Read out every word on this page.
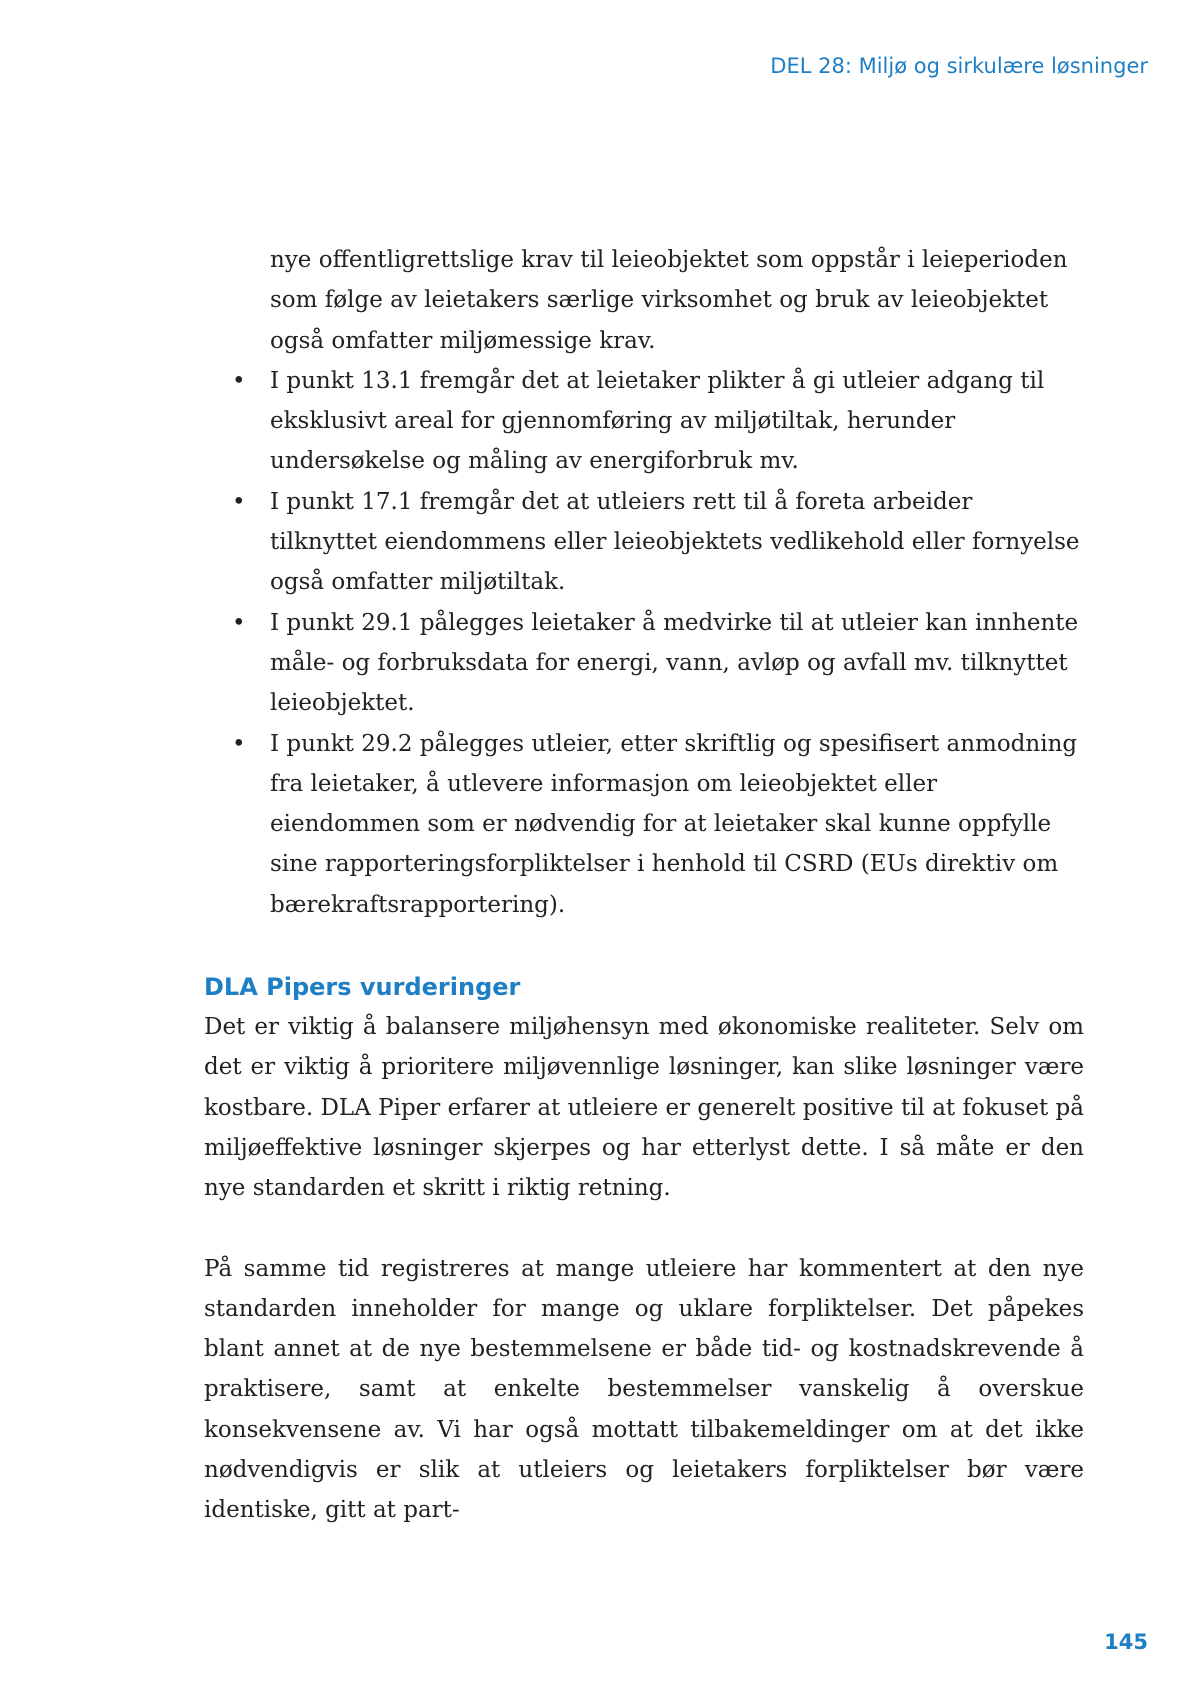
DEL 28: Miljø og sirkulære løsninger

nye offentligrettslige krav til leieobjektet som oppstår i leieperioden som følge av leietakers særlige virksomhet og bruk av leieobjektet også omfatter miljømessige krav.

• I punkt 13.1 fremgår det at leietaker plikter å gi utleier adgang til eksklusivt areal for gjennomføring av miljøtiltak, herunder undersøkelse og måling av energiforbruk mv.
• I punkt 17.1 fremgår det at utleiers rett til å foreta arbeider tilknyttet eiendommens eller leieobjektets vedlikehold eller fornyelse også omfatter miljøtiltak.
• I punkt 29.1 pålegges leietaker å medvirke til at utleier kan innhente måle- og forbruksdata for energi, vann, avløp og avfall mv. tilknyttet leieobjektet.
• I punkt 29.2 pålegges utleier, etter skriftlig og spesifisert anmodning fra leietaker, å utlevere informasjon om leieobjektet eller eiendommen som er nødvendig for at leietaker skal kunne oppfylle sine rapporteringsforpliktelser i henhold til CSRD (EUs direktiv om bærekraftsrapportering).
DLA Pipers vurderinger

Det er viktig å balansere miljøhensyn med økonomiske realiteter. Selv om det er viktig å prioritere miljøvennlige løsninger, kan slike løsninger være kostbare. DLA Piper erfarer at utleiere er generelt positive til at fokuset på miljøeffektive løsninger skjerpes og har etterlyst dette. I så måte er den nye standarden et skritt i riktig retning.

På samme tid registreres at mange utleiere har kommentert at den nye standarden inneholder for mange og uklare forpliktelser. Det påpekes blant annet at de nye bestemmelsene er både tid- og kostnadskrevende å praktisere, samt at enkelte bestemmelser vanskelig å overskue konsekvensene av. Vi har også mottatt tilbakemeldinger om at det ikke nødvendigvis er slik at utleiers og leietakers forpliktelser bør være identiske, gitt at part-

145
